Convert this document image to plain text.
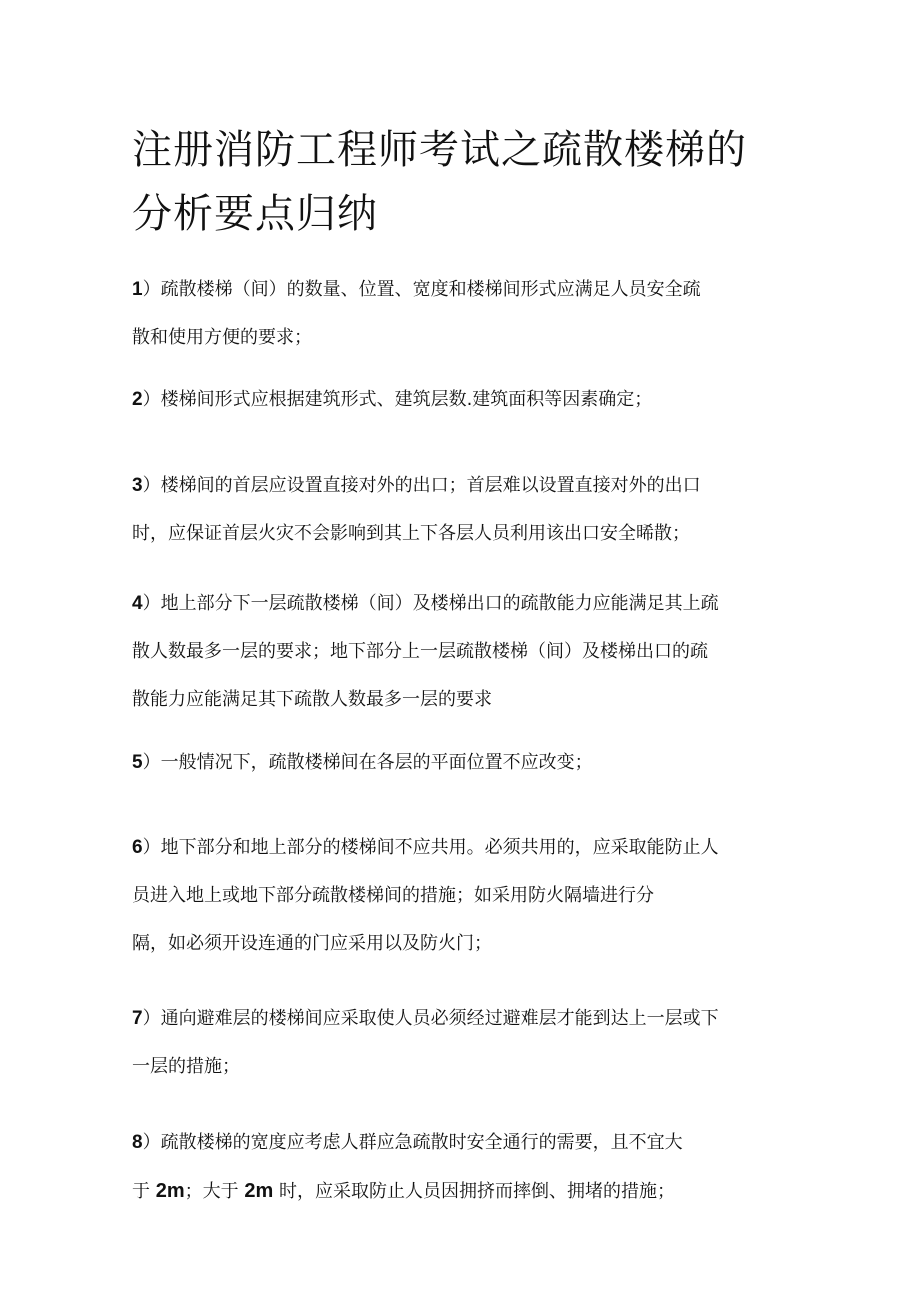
注册消防工程师考试之疏散楼梯的
分析要点归纳
1）疏散楼梯（间）的数量、位置、宽度和楼梯间形式应满足人员安全疏
散和使用方便的要求；
2）楼梯间形式应根据建筑形式、建筑层数.建筑面积等因素确定；
3）楼梯间的首层应设置直接对外的出口；首层难以设置直接对外的出口
时，应保证首层火灾不会影响到其上下各层人员利用该出口安全晞散；
4）地上部分下一层疏散楼梯（间）及楼梯出口的疏散能力应能满足其上疏
散人数最多一层的要求；地下部分上一层疏散楼梯（间）及楼梯出口的疏
散能力应能满足其下疏散人数最多一层的要求
5）一般情况下，疏散楼梯间在各层的平面位置不应改变；
6）地下部分和地上部分的楼梯间不应共用。必须共用的，应采取能防止人
员进入地上或地下部分疏散楼梯间的措施；如采用防火隔墙进行分
隔，如必须开设连通的门应采用以及防火门；
7）通向避难层的楼梯间应采取使人员必须经过避难层才能到达上一层或下
一层的措施；
8）疏散楼梯的宽度应考虑人群应急疏散时安全通行的需要，且不宜大
于 2m；大于 2m 时，应采取防止人员因拥挤而摔倒、拥堵的措施；
